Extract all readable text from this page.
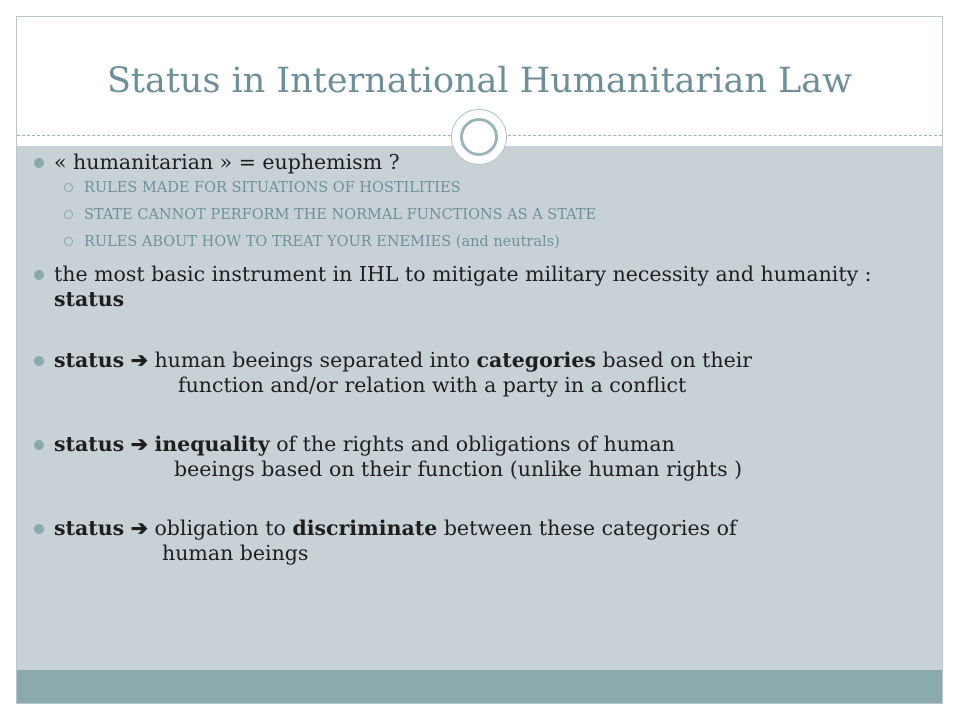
Status in International Humanitarian Law
« humanitarian » = euphemism ?
RULES MADE FOR SITUATIONS OF HOSTILITIES
STATE CANNOT PERFORM THE NORMAL FUNCTIONS AS A STATE
RULES ABOUT HOW TO TREAT YOUR ENEMIES (and neutrals)
the most basic instrument in IHL to mitigate military necessity and humanity : status
status ➔ human beeings separated into categories based on their
function and/or relation with a party in a conflict
status ➔ inequality of the rights and obligations of human
beeings based on their function (unlike human rights )
status ➔ obligation to discriminate between these categories of
human beings
